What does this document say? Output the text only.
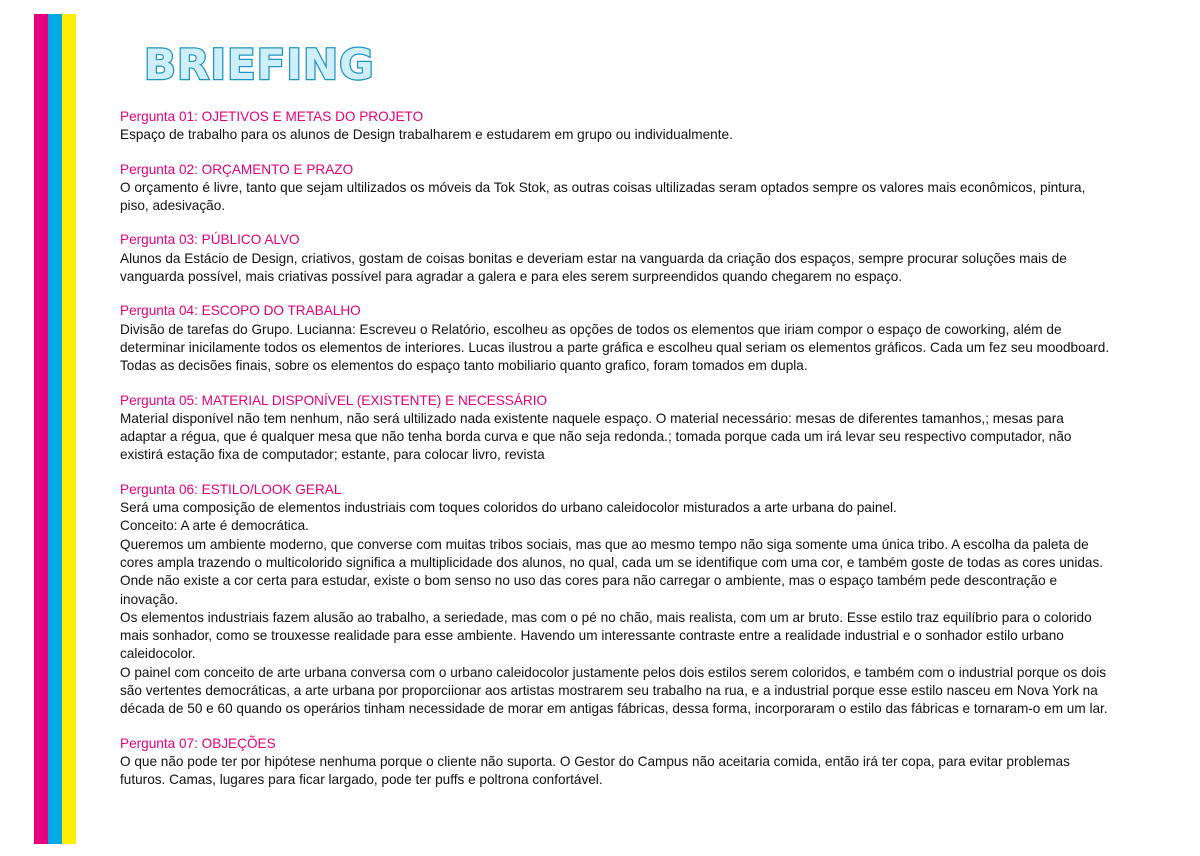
BRIEFING
Pergunta 01: OJETIVOS E METAS DO PROJETO
Espaço de trabalho para os alunos de Design trabalharem e estudarem em grupo ou individualmente.
Pergunta 02: ORÇAMENTO E PRAZO
O orçamento é livre, tanto que sejam ultilizados os móveis da Tok Stok, as outras coisas ultilizadas seram optados sempre os valores mais econômicos, pintura, piso, adesivação.
Pergunta 03: PÚBLICO ALVO
Alunos da Estácio de Design, criativos, gostam de coisas bonitas e deveriam estar na vanguarda da criação dos espaços, sempre procurar soluções mais de vanguarda possível, mais criativas possível para agradar a galera e para eles serem surpreendidos quando chegarem no espaço.
Pergunta 04: ESCOPO DO TRABALHO
Divisão de tarefas do Grupo. Lucianna: Escreveu o Relatório, escolheu as opções de todos os elementos que iriam compor o espaço de coworking, além de determinar inicilamente todos os elementos de interiores. Lucas ilustrou a parte gráfica e escolheu qual seriam os elementos gráficos. Cada um fez seu moodboard. Todas as decisões finais, sobre os elementos do espaço tanto mobiliario quanto grafico, foram tomados em dupla.
Pergunta 05: MATERIAL DISPONÍVEL (EXISTENTE) E NECESSÁRIO
Material disponível não tem nenhum, não será ultilizado nada existente naquele espaço. O material necessário: mesas de diferentes tamanhos,; mesas para adaptar a régua, que é qualquer mesa que não tenha borda curva e que não seja redonda.; tomada porque cada um irá levar seu respectivo computador, não existirá estação fixa de computador; estante, para colocar livro, revista
Pergunta 06: ESTILO/LOOK GERAL
Será uma composição de elementos industriais com toques coloridos do urbano caleidocolor misturados a arte urbana do painel.
Conceito: A arte é democrática.
Queremos um ambiente moderno, que converse com muitas tribos sociais, mas que ao mesmo tempo não siga somente uma única tribo. A escolha da paleta de cores ampla trazendo o multicolorido significa a multiplicidade dos alunos, no qual, cada um se identifique com uma cor, e também goste de todas as cores unidas. Onde não existe a cor certa para estudar, existe o bom senso no uso das cores para não carregar o ambiente, mas o espaço também pede descontração e inovação.
Os elementos industriais fazem alusão ao trabalho, a seriedade, mas com o pé no chão, mais realista, com um ar bruto. Esse estilo traz equilíbrio para o colorido mais sonhador, como se trouxesse realidade para esse ambiente. Havendo um interessante contraste entre a realidade industrial e o sonhador estilo urbano caleidocolor.
O painel com conceito de arte urbana conversa com o urbano caleidocolor justamente pelos dois estilos serem coloridos, e também com o industrial porque os dois são vertentes democráticas, a arte urbana por proporciionar aos artistas mostrarem seu trabalho na rua, e a industrial porque esse estilo nasceu em Nova York na década de 50 e 60 quando os operários tinham necessidade de morar em antigas fábricas, dessa forma, incorporaram o estilo das fábricas e tornaram-o em um lar.
Pergunta 07: OBJEÇÕES
O que não pode ter por hipótese nenhuma porque o cliente não suporta. O Gestor do Campus não aceitaria comida, então irá ter copa, para evitar problemas futuros. Camas, lugares para ficar largado, pode ter puffs e poltrona confortável.
